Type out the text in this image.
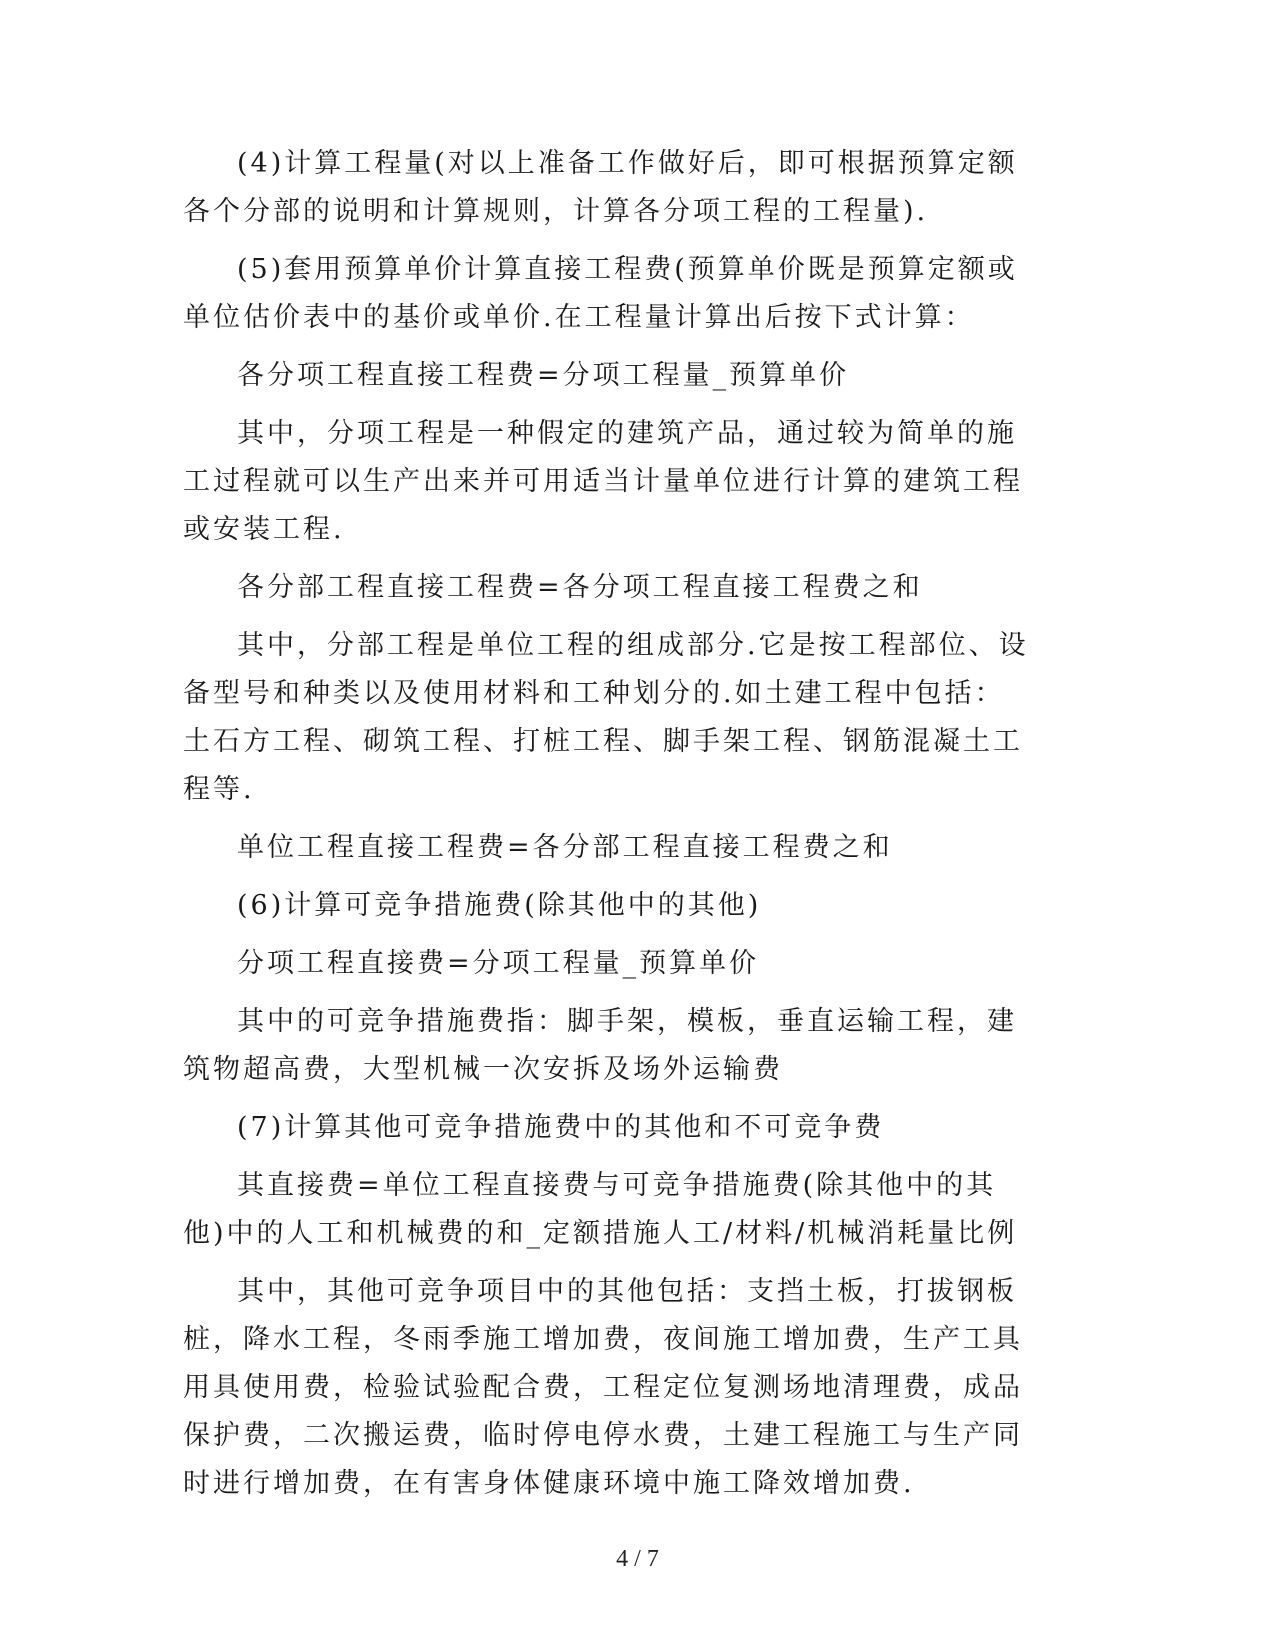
(4)计算工程量(对以上准备工作做好后，即可根据预算定额各个分部的说明和计算规则，计算各分项工程的工程量).

(5)套用预算单价计算直接工程费(预算单价既是预算定额或单位估价表中的基价或单价.在工程量计算出后按下式计算：

各分项工程直接工程费=分项工程量_预算单价

其中，分项工程是一种假定的建筑产品，通过较为简单的施工过程就可以生产出来并可用适当计量单位进行计算的建筑工程或安装工程.

各分部工程直接工程费=各分项工程直接工程费之和

其中，分部工程是单位工程的组成部分.它是按工程部位、设备型号和种类以及使用材料和工种划分的.如土建工程中包括：土石方工程、砌筑工程、打桩工程、脚手架工程、钢筋混凝土工程等.

单位工程直接工程费=各分部工程直接工程费之和

(6)计算可竞争措施费(除其他中的其他)

分项工程直接费=分项工程量_预算单价

其中的可竞争措施费指：脚手架，模板，垂直运输工程，建筑物超高费，大型机械一次安拆及场外运输费

(7)计算其他可竞争措施费中的其他和不可竞争费

其直接费=单位工程直接费与可竞争措施费(除其他中的其他)中的人工和机械费的和_定额措施人工/材料/机械消耗量比例

其中，其他可竞争项目中的其他包括：支挡土板，打拔钢板桩，降水工程，冬雨季施工增加费，夜间施工增加费，生产工具用具使用费，检验试验配合费，工程定位复测场地清理费，成品保护费，二次搬运费，临时停电停水费，土建工程施工与生产同时进行增加费，在有害身体健康环境中施工降效增加费.

4 / 7
